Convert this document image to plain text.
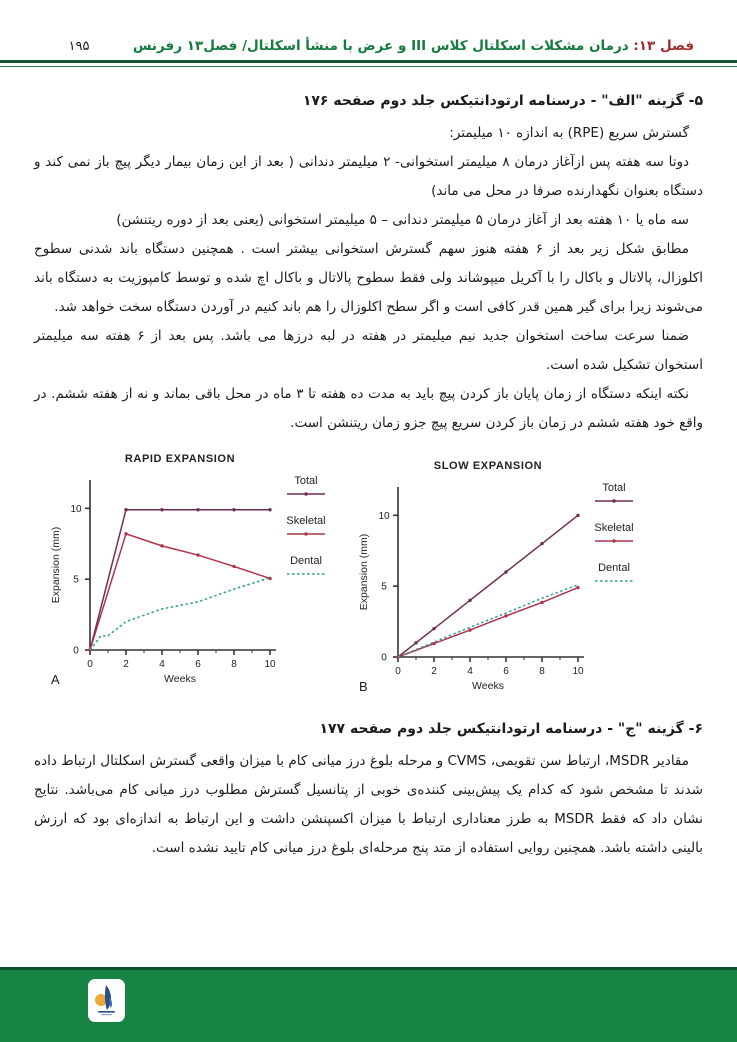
۱۹۵	فصل ۱۳: درمان مشکلات اسکلتال کلاس III و عرض با منشأ اسکلتال/ فصل۱۳ رفرنس
۵- گزینه "الف" - درسنامه ارتودانتیکس جلد دوم صفحه ۱۷۶

گسترش سریع (RPE) به اندازه ۱۰ میلیمتر:

دوتا سه هفته پس ازآغاز درمان ۸ میلیمتر استخوانی- ۲ میلیمتر دندانی ( بعد از این زمان بیمار دیگر پیچ باز نمی کند و دستگاه بعنوان نگهدارنده صرفا در محل می ماند)

سه ماه یا ۱۰ هفته بعد از آغاز درمان ۵ میلیمتر دندانی – ۵ میلیمتر استخوانی (یعنی بعد از دوره ریتنشن)

مطابق شکل زیر بعد از ۶ هفته هنوز سهم گسترش استخوانی بیشتر است . همچنین دستگاه باند شدنی سطوح اکلوزال، پالاتال و باکال را با آکریل میپوشاند ولی فقط سطوح پالاتال و باکال اچ شده و توسط کامپوزیت به دستگاه باند می‌شوند زیرا برای گیر همین قدر کافی است و اگر سطح اکلوزال را هم باند کنیم در آوردن دستگاه سخت خواهد شد.

ضمنا سرعت ساخت استخوان جدید نیم میلیمتر در هفته در لبه درزها می باشد. پس بعد از ۶ هفته سه میلیمتر استخوان تشکیل شده است.

نکته اینکه دستگاه از زمان پایان باز کردن پیچ باید به مدت ده هفته تا ۳ ماه در محل باقی بماند و نه از هفته ششم. در واقع خود هفته ششم در زمان باز کردن سریع پیچ جزو زمان ریتنشن است.

RAPID EXPANSION
0	2	4	6	8	10
0
5
10
Weeks
Expansion (mm)
A
Total
Skeletal
Dental
SLOW EXPANSION
0	2	4	6	8	10
0
5
10
Weeks
Expansion (mm)
B
Total
Skeletal
Dental
۶- گزینه "ج" - درسنامه ارتودانتیکس جلد دوم صفحه ۱۷۷

مقادیر MSDR، ارتباط سن تقویمی، CVMS و مرحله بلوغ درز میانی کام با میزان واقعی گسترش اسکلتال ارتباط داده شدند تا مشخص شود که کدام یک پیش‌بینی کننده‌ی خوبی از پتانسیل گسترش مطلوب درز میانی کام می‌باشد. نتایج نشان داد که فقط MSDR به طرز معناداری ارتباط با میزان اکسپنشن داشت و این ارتباط به اندازه‌ای بود که ارزش بالینی داشته باشد. همچنین روایی استفاده از متد پنج مرحله‌ای بلوغ درز میانی کام تایید نشده است.
